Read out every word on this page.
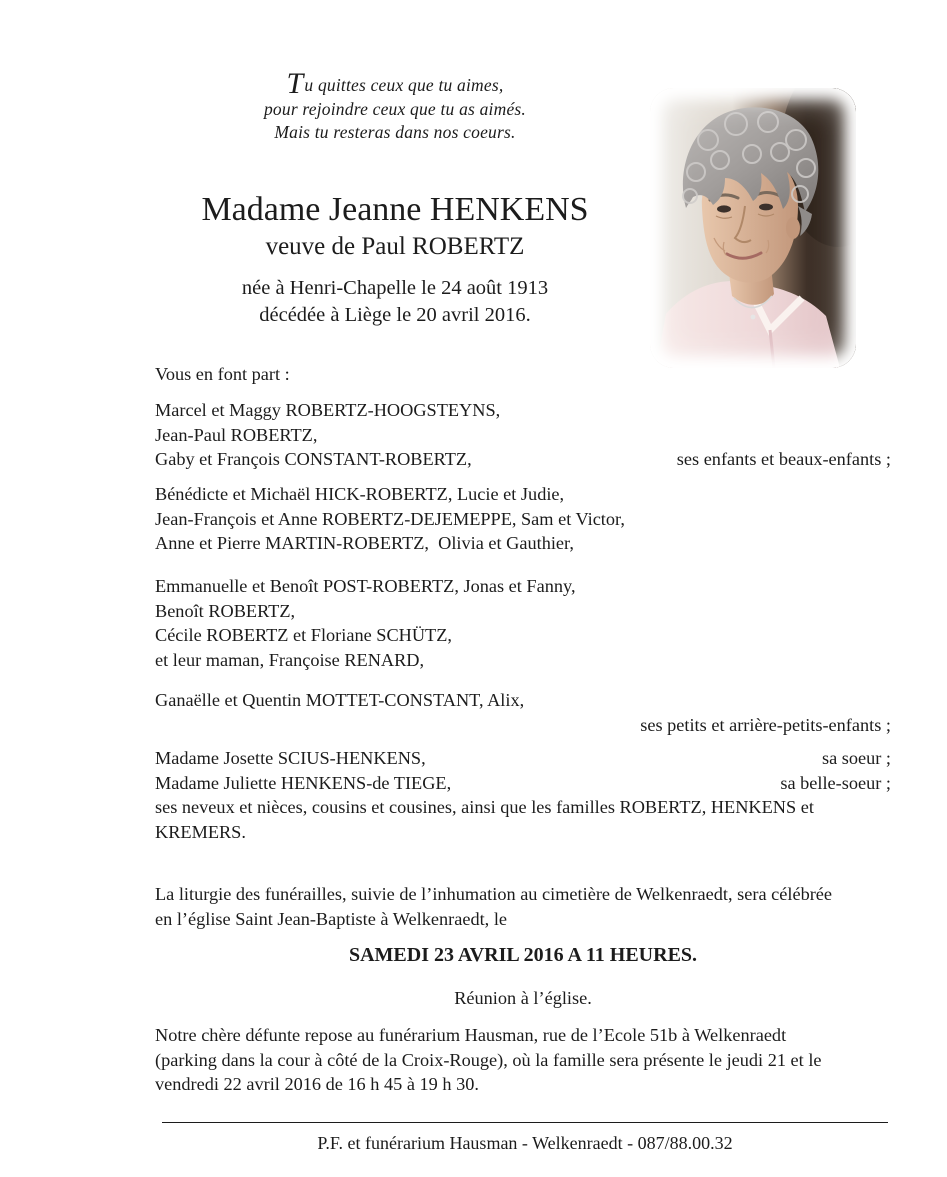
Tu quittes ceux que tu aimes,
pour rejoindre ceux que tu as aimés.
Mais tu resteras dans nos coeurs.
Madame Jeanne HENKENS
veuve de Paul ROBERTZ
née à Henri-Chapelle le 24 août 1913
décédée à Liège le 20 avril 2016.
Vous en font part :
Marcel et Maggy ROBERTZ-HOOGSTEYNS,
Jean-Paul ROBERTZ,
Gaby et François CONSTANT-ROBERTZ,	ses enfants et beaux-enfants ;
Bénédicte et Michaël HICK-ROBERTZ, Lucie et Judie,
Jean-François et Anne ROBERTZ-DEJEMEPPE, Sam et Victor,
Anne et Pierre MARTIN-ROBERTZ,  Olivia et Gauthier,
Emmanuelle et Benoît POST-ROBERTZ, Jonas et Fanny,
Benoît ROBERTZ,
Cécile ROBERTZ et Floriane SCHÜTZ,
et leur maman, Françoise RENARD,
Ganaëlle et Quentin MOTTET-CONSTANT, Alix,
ses petits et arrière-petits-enfants ;
Madame Josette SCIUS-HENKENS,	sa soeur ;
Madame Juliette HENKENS-de TIEGE,	sa belle-soeur ;
ses neveux et nièces, cousins et cousines, ainsi que les familles ROBERTZ, HENKENS et
KREMERS.
La liturgie des funérailles, suivie de l’inhumation au cimetière de Welkenraedt, sera célébrée
en l’église Saint Jean-Baptiste à Welkenraedt, le
SAMEDI 23 AVRIL 2016 A 11 HEURES.
Réunion à l’église.
Notre chère défunte repose au funérarium Hausman, rue de l’Ecole 51b à Welkenraedt
(parking dans la cour à côté de la Croix-Rouge), où la famille sera présente le jeudi 21 et le
vendredi 22 avril 2016 de 16 h 45 à 19 h 30.
P.F. et funérarium Hausman - Welkenraedt - 087/88.00.32
